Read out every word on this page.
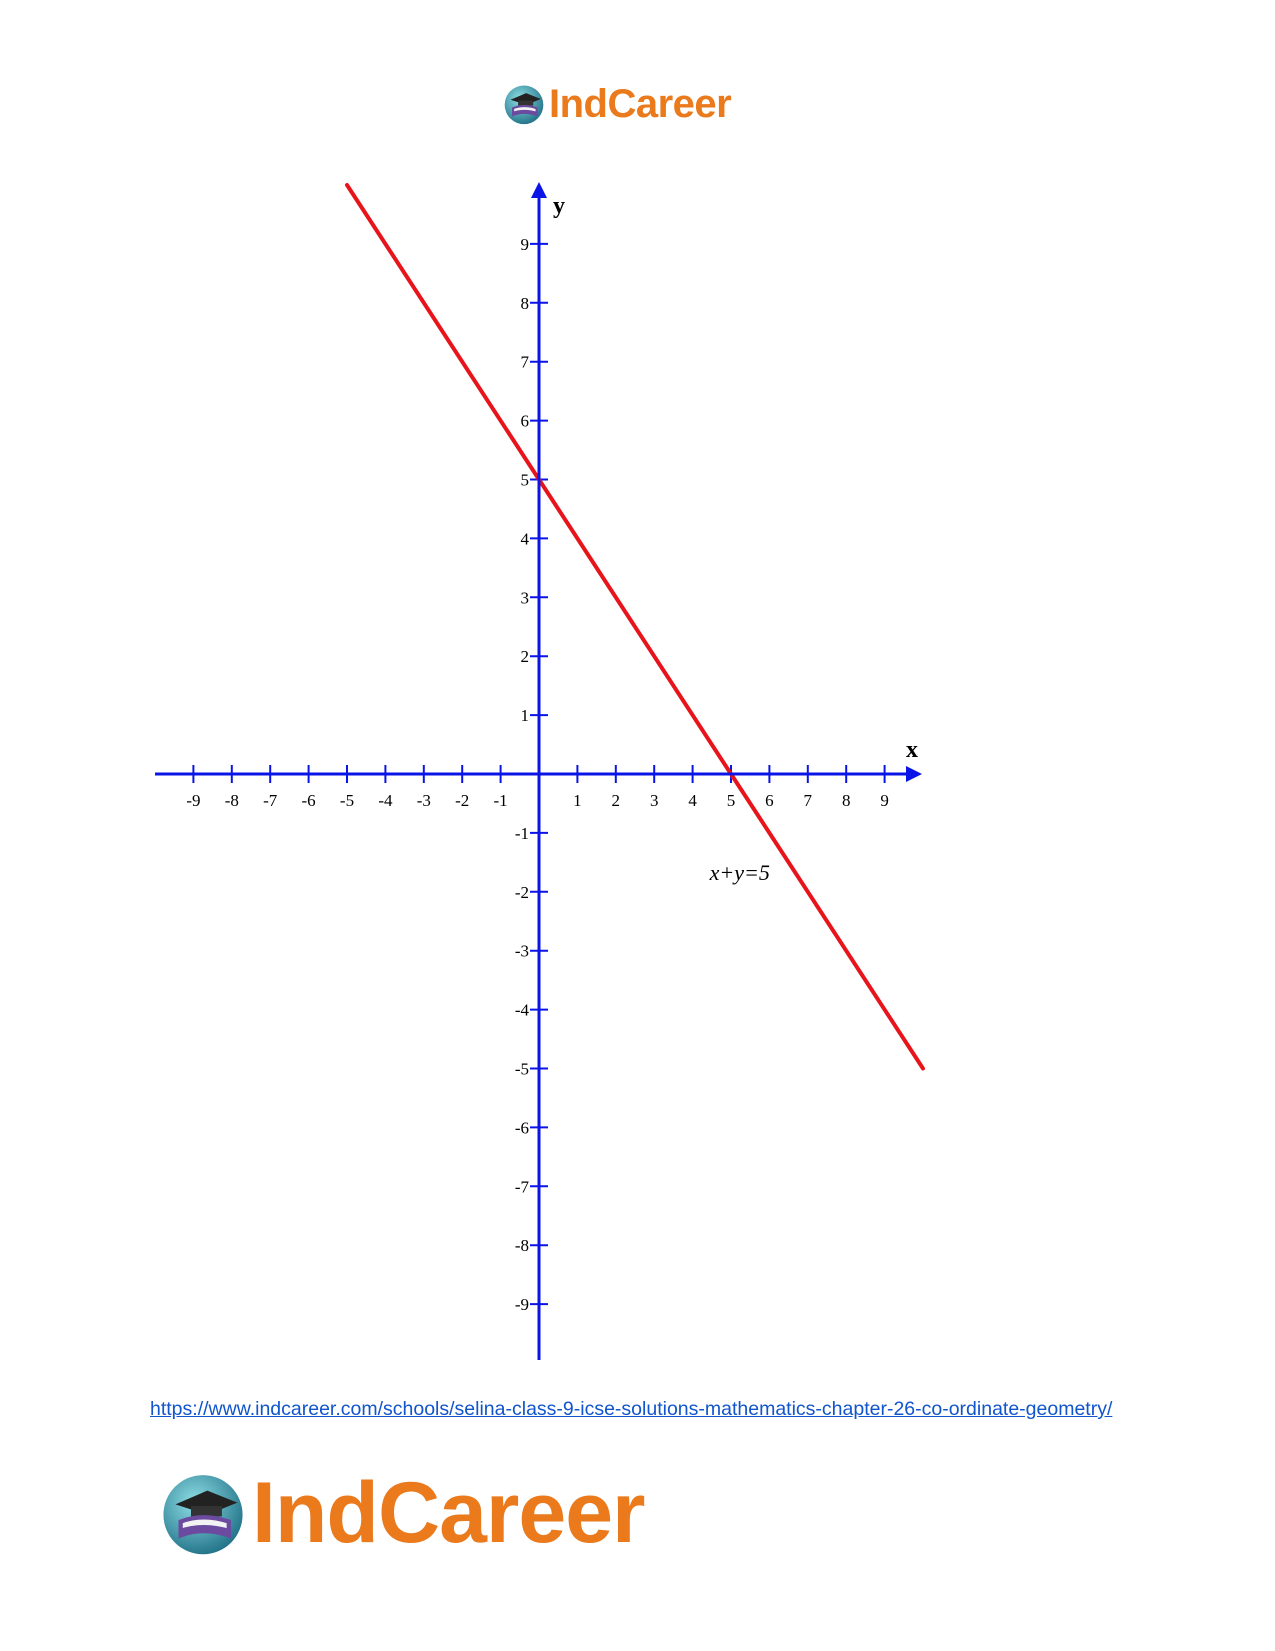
IndCareer
-9 -8 -7 -6 -5 -4 -3 -2 -1	1 2 3 4 5 6 7 8 9
-9
-8
-7
-6
-5
-4
-3
-2
-1
1
2
3
4
5
6
7
8
9
x
y
x+y=5
https://www.indcareer.com/schools/selina-class-9-icse-solutions-mathematics-chapter-26-co-ordinate-geometry/
IndCareer
